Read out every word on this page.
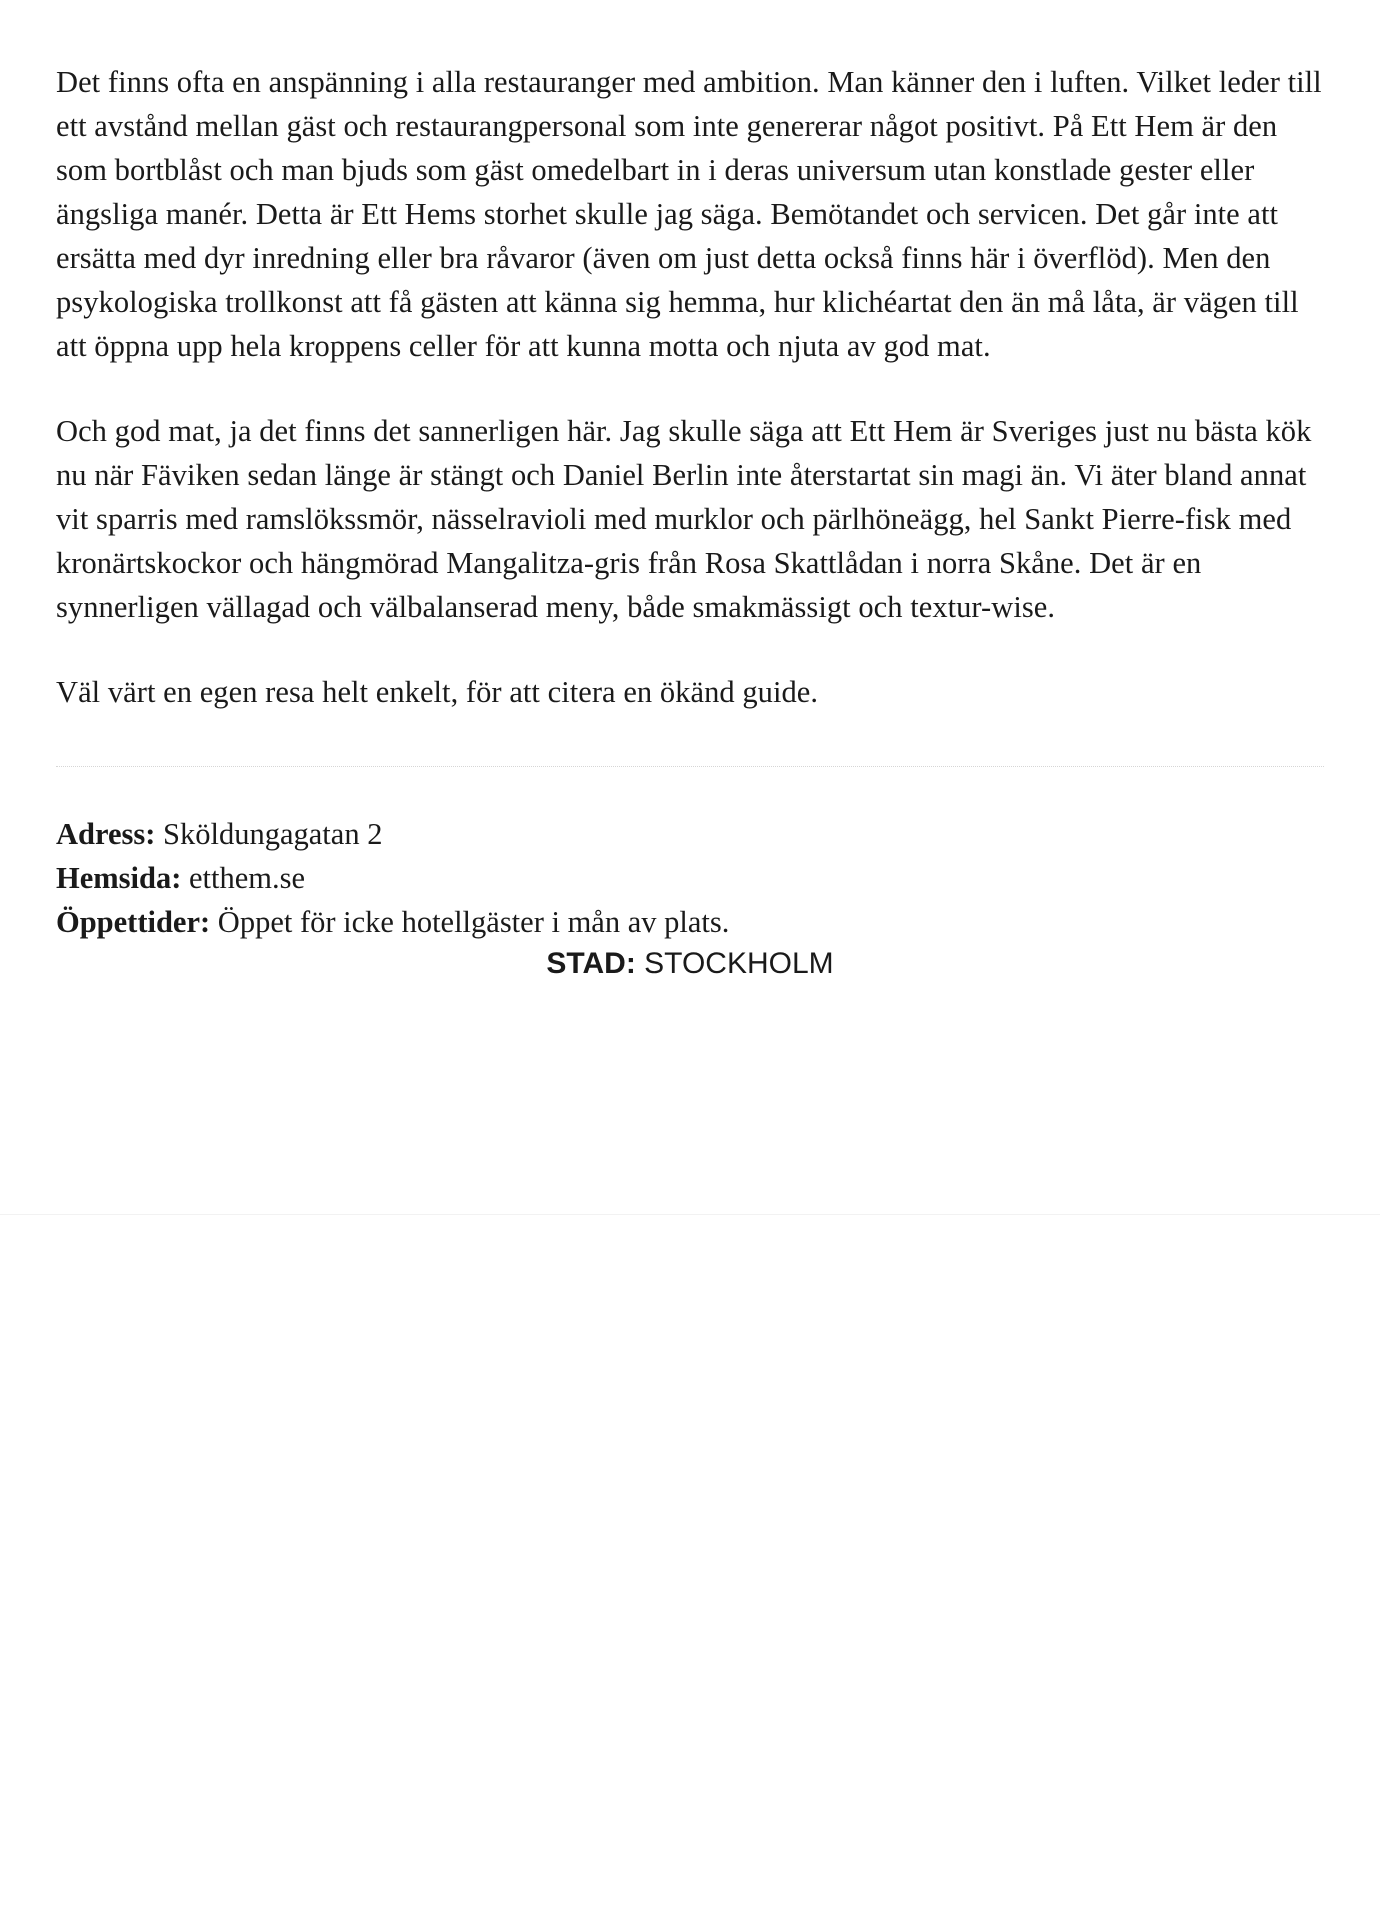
Det finns ofta en anspänning i alla restauranger med ambition. Man känner den i luften. Vilket leder till ett avstånd mellan gäst och restaurangpersonal som inte genererar något positivt. På Ett Hem är den som bortblåst och man bjuds som gäst omedelbart in i deras universum utan konstlade gester eller ängsliga manér. Detta är Ett Hems storhet skulle jag säga. Bemötandet och servicen. Det går inte att ersätta med dyr inredning eller bra råvaror (även om just detta också finns här i överflöd). Men den psykologiska trollkonst att få gästen att känna sig hemma, hur klichéartat den än må låta, är vägen till att öppna upp hela kroppens celler för att kunna motta och njuta av god mat.

Och god mat, ja det finns det sannerligen här. Jag skulle säga att Ett Hem är Sveriges just nu bästa kök nu när Fäviken sedan länge är stängt och Daniel Berlin inte återstartat sin magi än. Vi äter bland annat vit sparris med ramslökssmör, nässelravioli med murklor och pärlhöneägg, hel Sankt Pierre-fisk med kronärtskockor och hängmörad Mangalitza-gris från Rosa Skattlådan i norra Skåne. Det är en synnerligen vällagad och välbalanserad meny, både smakmässigt och textur-wise.

Väl värt en egen resa helt enkelt, för att citera en ökänd guide.

Adress: Sköldungagatan 2
Hemsida: etthem.se
Öppettider: Öppet för icke hotellgäster i mån av plats.
STAD: STOCKHOLM
